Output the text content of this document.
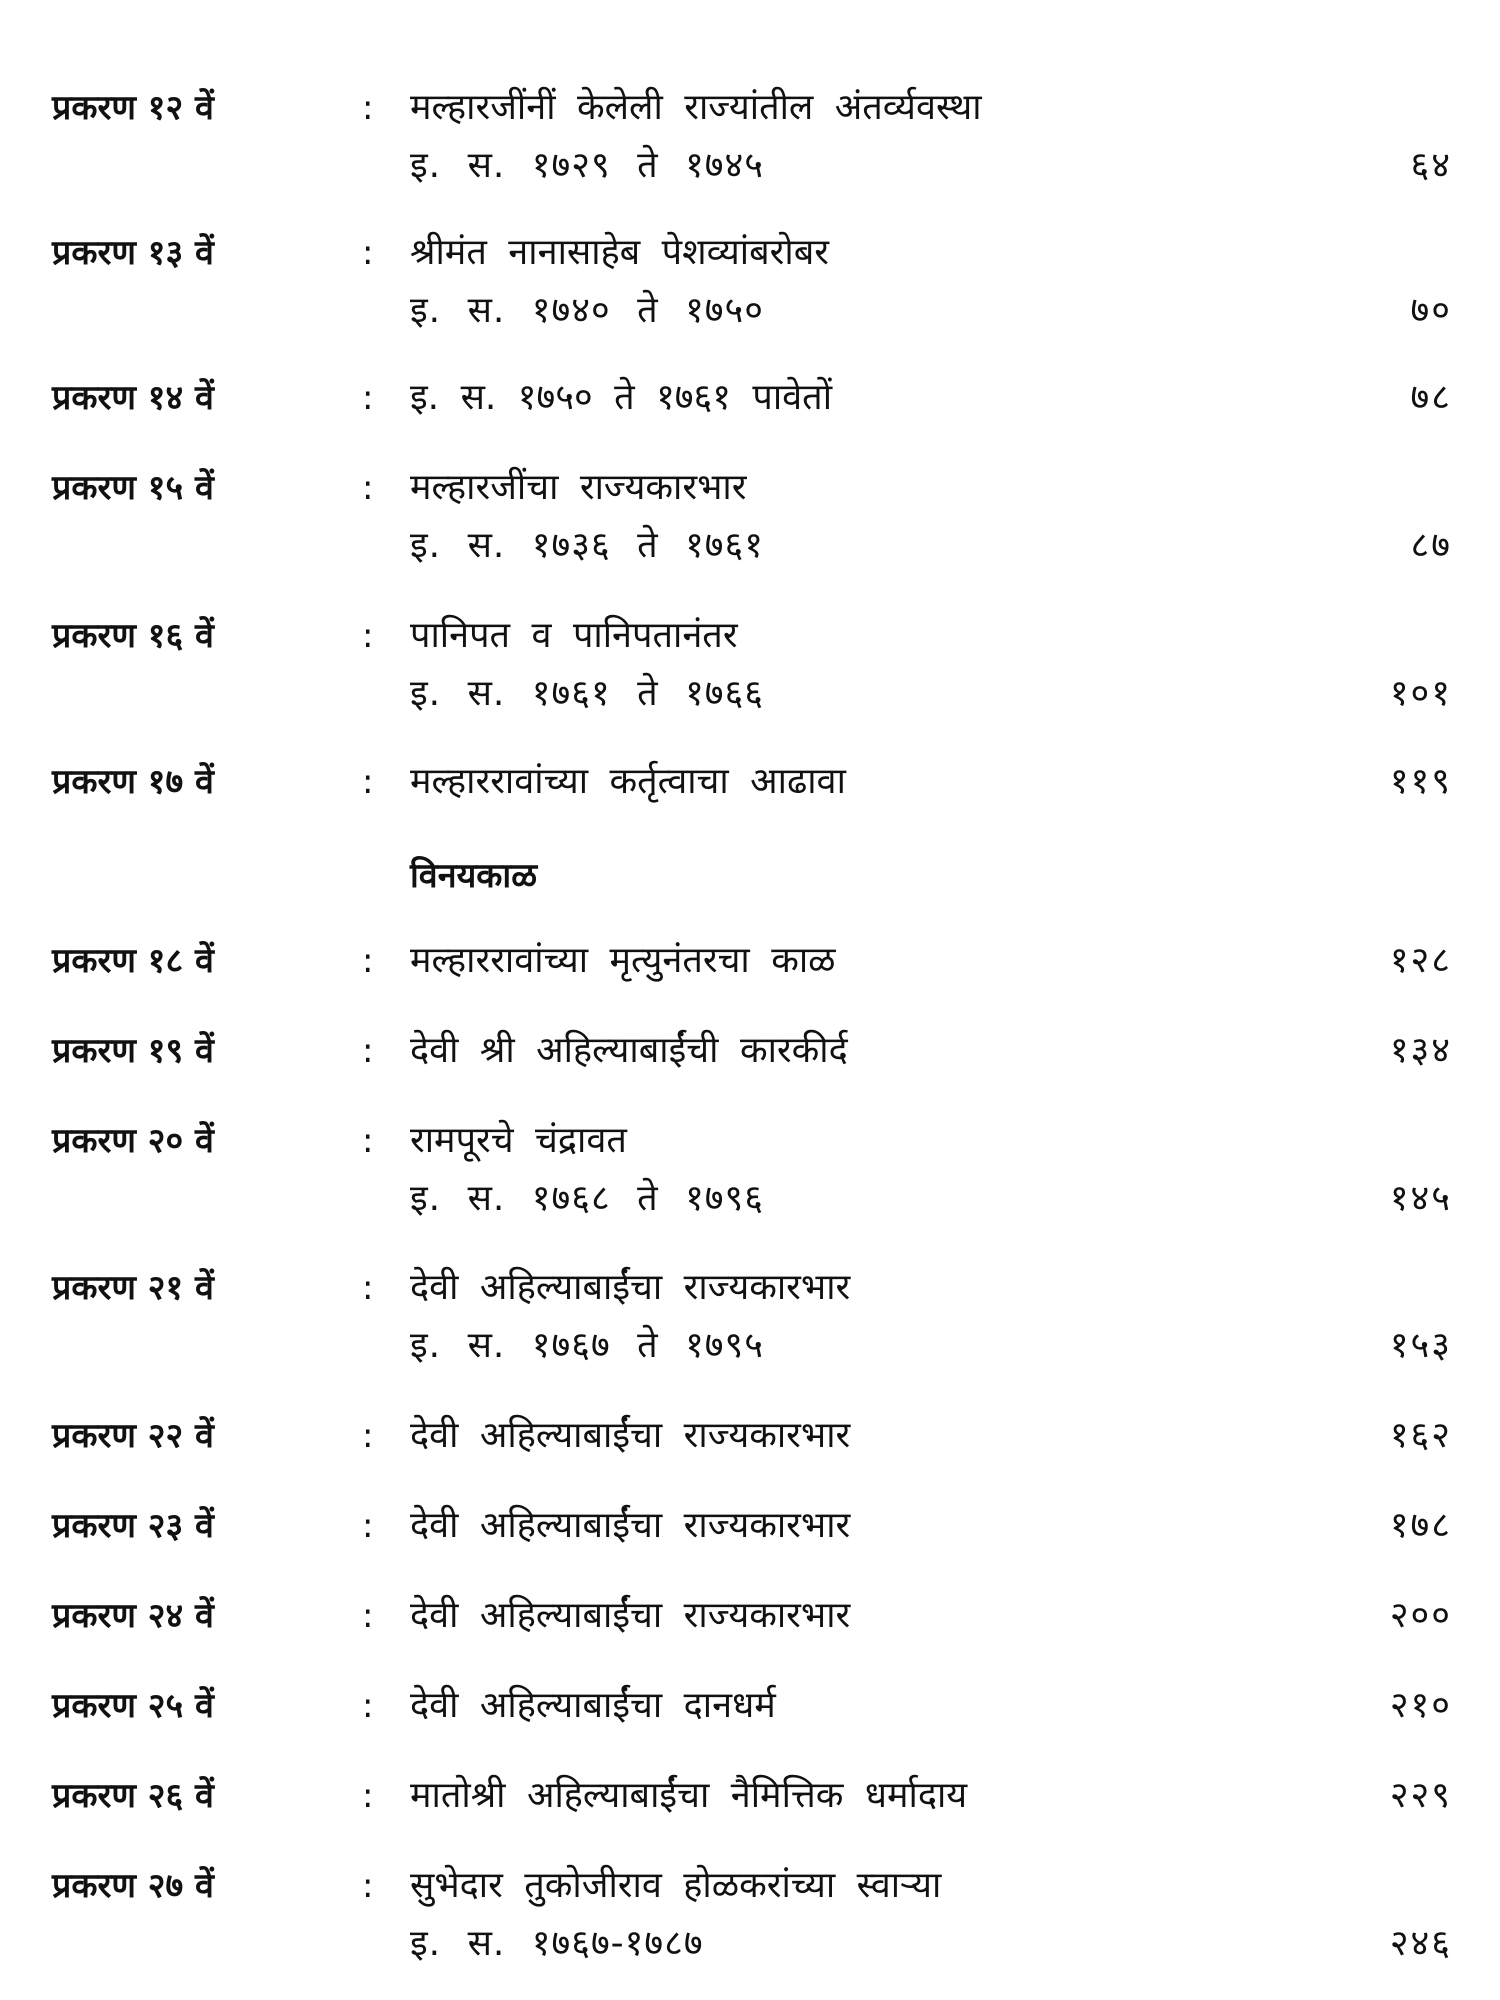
प्रकरण १२ वें	: मल्हारजींनीं केलेली राज्यांतील अंतर्व्यवस्था
इ. स. १७२९ ते १७४५	६४
प्रकरण १३ वें	: श्रीमंत नानासाहेब पेशव्यांबरोबर
इ. स. १७४० ते १७५०	७०
प्रकरण १४ वें	: इ. स. १७५० ते १७६१ पावेतों	७८
प्रकरण १५ वें	: मल्हारजींचा राज्यकारभार
इ. स. १७३६ ते १७६१	८७
प्रकरण १६ वें	: पानिपत व पानिपतानंतर
इ. स. १७६१ ते १७६६	१०१
प्रकरण १७ वें	: मल्हाररावांच्या कर्तृत्वाचा आढावा	११९
विनयकाळ
प्रकरण १८ वें	: मल्हाररावांच्या मृत्युनंतरचा काळ	१२८
प्रकरण १९ वें	: देवी श्री अहिल्याबाईंची कारकीर्द	१३४
प्रकरण २० वें	: रामपूरचे चंद्रावत
इ. स. १७६८ ते १७९६	१४५
प्रकरण २१ वें	: देवी अहिल्याबाईंचा राज्यकारभार
इ. स. १७६७ ते १७९५	१५३
प्रकरण २२ वें	: देवी अहिल्याबाईंचा राज्यकारभार	१६२
प्रकरण २३ वें	: देवी अहिल्याबाईंचा राज्यकारभार	१७८
प्रकरण २४ वें	: देवी अहिल्याबाईंचा राज्यकारभार	२००
प्रकरण २५ वें	: देवी अहिल्याबाईंचा दानधर्म	२१०
प्रकरण २६ वें	: मातोश्री अहिल्याबाईंचा नैमित्तिक धर्मादाय	२२९
प्रकरण २७ वें	: सुभेदार तुकोजीराव होळकरांच्या स्वाऱ्या
इ. स. १७६७-१७८७	२४६
